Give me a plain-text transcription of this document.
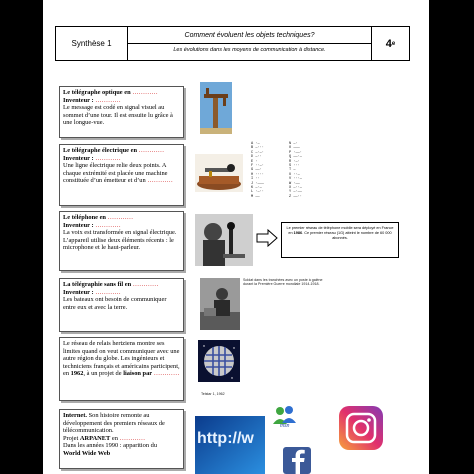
Synthèse 1
Comment évoluent les objets techniques?
Les évolutions dans les moyens de communication à distance.
4 e

Le télégraphe optique en …………

Inventeur : …………

Le message est codé en signal visuel au sommet d’une tour. Il est ensuite lu grâce à une longue-vue.

Le télégraphe électrique en …………

Inventeur : …………

Une ligne électrique relie deux points. A chaque extrémité est placée une machine constituée d’un émetteur et d’un …………

A ·—
B —···
C —·—·
D —··
E ·
F ··—·
G ——·
H ····
I ··
J ·———
K —·—
L ·—··
M ——
N —·
O ———
P ·——·
Q ——·—
R ·—·
S ···
T —
U ··—
V ···—
W ·——
X —··—
Y —·——
Z ——··

Le téléphone en …………

Inventeur : …………

La voix est transformée en signal électrique. L’appareil utilise deux éléments récents : le microphone et le haut-parleur.

Le premier réseau de téléphone mobile sera déployé en France en 1986. Ce premier réseau (1G) atteint le nombre de 60 000 abonnés.

La télégraphie sans fil en …………

Inventeur : …………

Les bateaux ont besoin de communiquer entre eux et avec la terre.

Soldat dans les tranchées avec un poste à galène durant la Première Guerre mondiale 1914-1918.

Le réseau de relais hertziens montre ses limites quand on veut communiquer avec une autre région du globe. Les ingénieurs et techniciens français et américains participent, en 1962, à un projet de liaison par …………

Telstar 1, 1962

Internet. Son histoire remonte au développement des premiers réseaux de télécommunication.

Projet ARPANET en …………

Dans les années 1990 : apparition du

World Wide Web

http://w
msn
